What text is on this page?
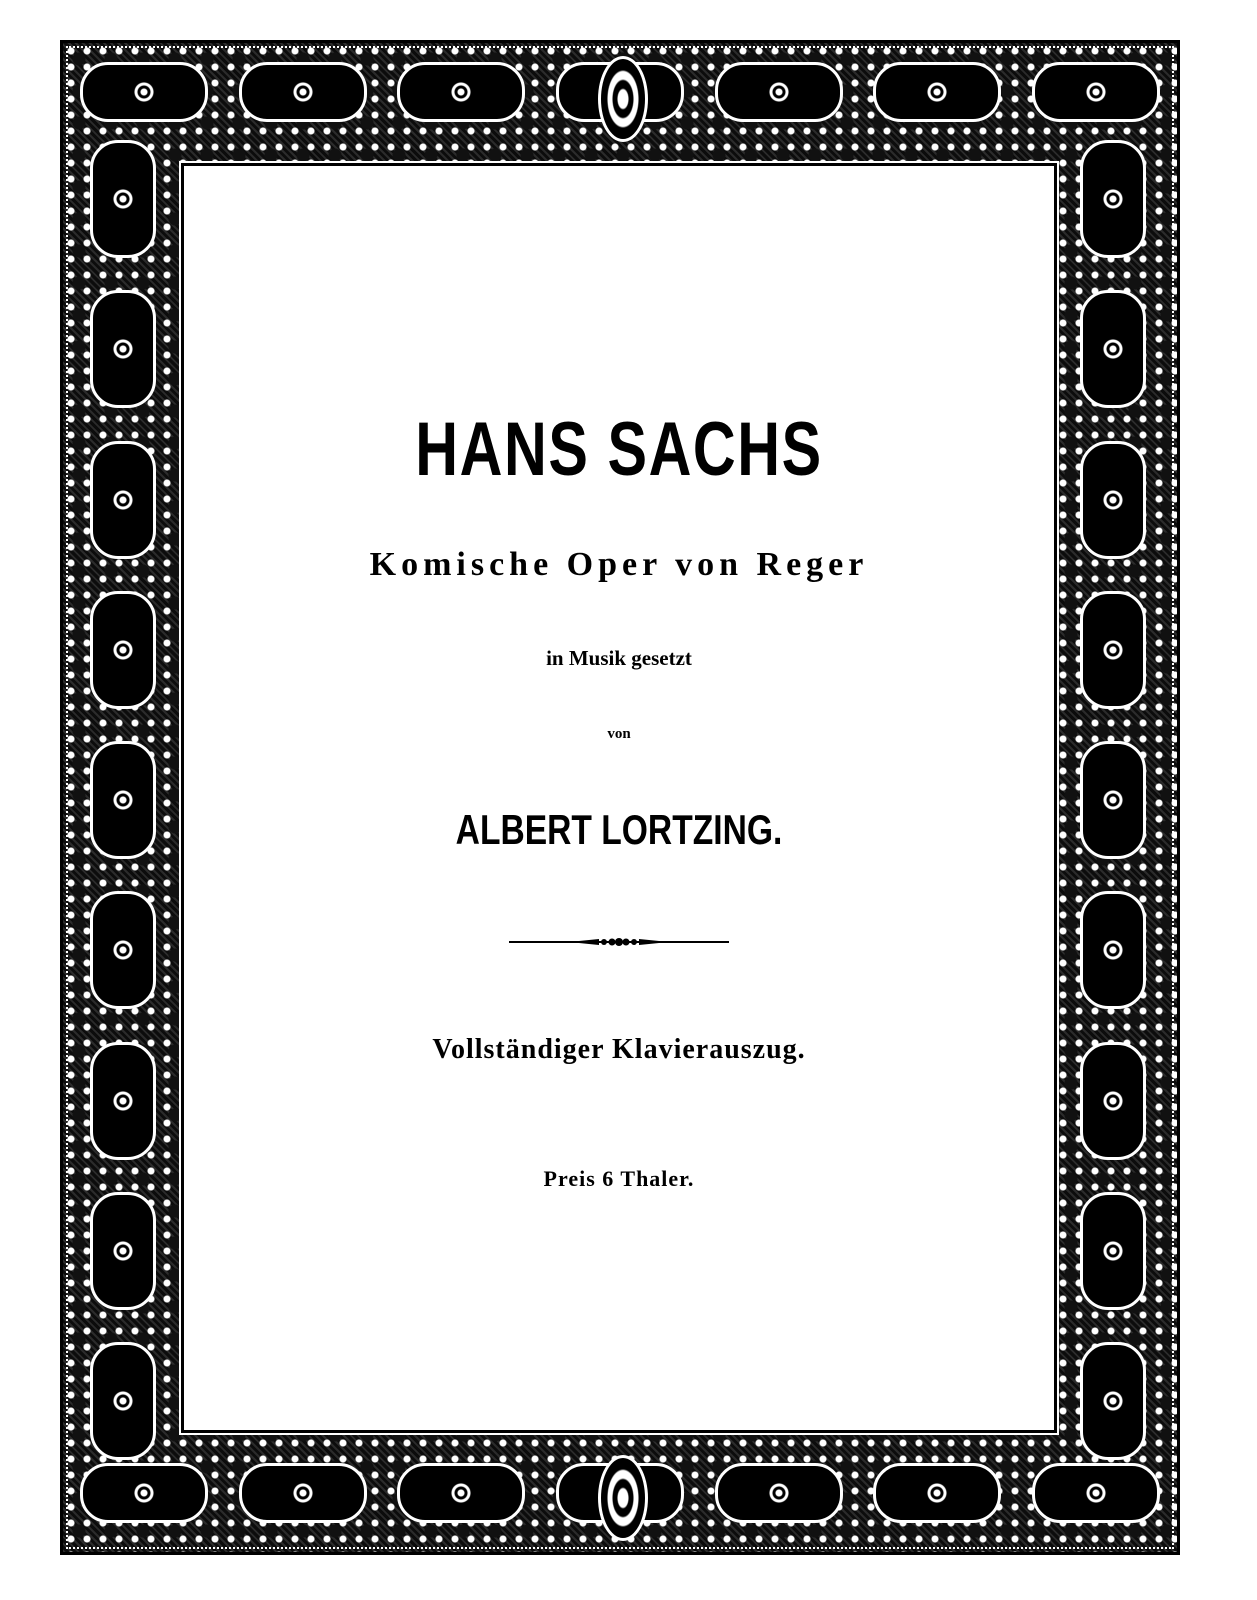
HANS SACHS

Komische Oper von Reger

in Musik gesetzt

von

ALBERT LORTZING.

Vollständiger Klavierauszug.

Preis 6 Thaler.
